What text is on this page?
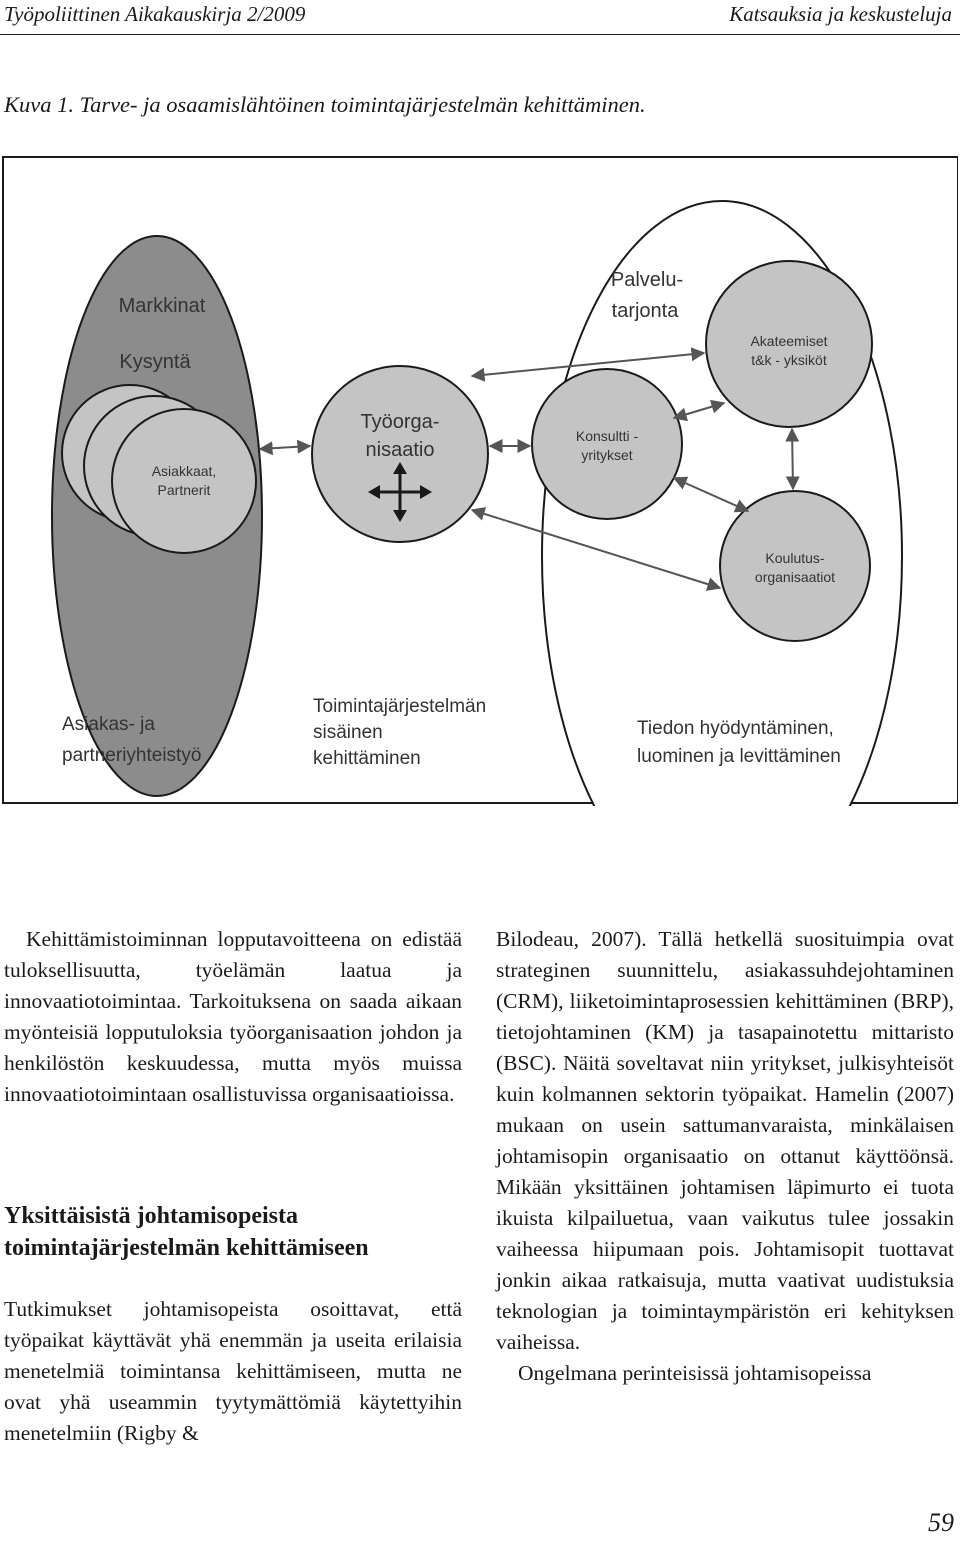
Työpoliittinen Aikakauskirja 2/2009	Katsauksia ja keskusteluja
Kuva 1. Tarve- ja osaamislähtöinen toimintajärjestelmän kehittäminen.
Markkinat
Kysyntä
Asiakkaat,
Partnerit
Palvelu-
tarjonta
Akateemiset
t&k - yksiköt
Konsultti -
yritykset
Koulutus-
organisaatiot
Työorga-
nisaatio
Asiakas- ja
partneriyhteistyö
Toimintajärjestelmän
sisäinen
kehittäminen
Tiedon hyödyntäminen,
luominen ja levittäminen

Kehittämistoiminnan lopputavoitteena on edistää tuloksellisuutta, työelämän laatua ja innovaatiotoimintaa. Tarkoituksena on saada aikaan myönteisiä lopputuloksia työorganisaation johdon ja henkilöstön keskuudessa, mutta myös muissa innovaatiotoimintaan osallistuvissa organisaatioissa.

Yksittäisistä johtamisopeista
toimintajärjestelmän kehittämiseen

Tutkimukset johtamisopeista osoittavat, että työpaikat käyttävät yhä enemmän ja useita erilaisia menetelmiä toimintansa kehittämiseen, mutta ne ovat yhä useammin tyytymättömiä käytettyihin menetelmiin (Rigby &

Bilodeau, 2007). Tällä hetkellä suosituimpia ovat strateginen suunnittelu, asiakassuhdejohtaminen (CRM), liiketoimintaprosessien kehittäminen (BRP), tietojohtaminen (KM) ja tasapainotettu mittaristo (BSC). Näitä soveltavat niin yritykset, julkisyhteisöt kuin kolmannen sektorin työpaikat. Hamelin (2007) mukaan on usein sattumanvaraista, minkälaisen johtamisopin organisaatio on ottanut käyttöönsä. Mikään yksittäinen johtamisen läpimurto ei tuota ikuista kilpailuetua, vaan vaikutus tulee jossakin vaiheessa hiipumaan pois. Johtamisopit tuottavat jonkin aikaa ratkaisuja, mutta vaativat uudistuksia teknologian ja toimintaympäristön eri kehityksen vaiheissa.

Ongelmana perinteisissä johtamisopeissa

59
